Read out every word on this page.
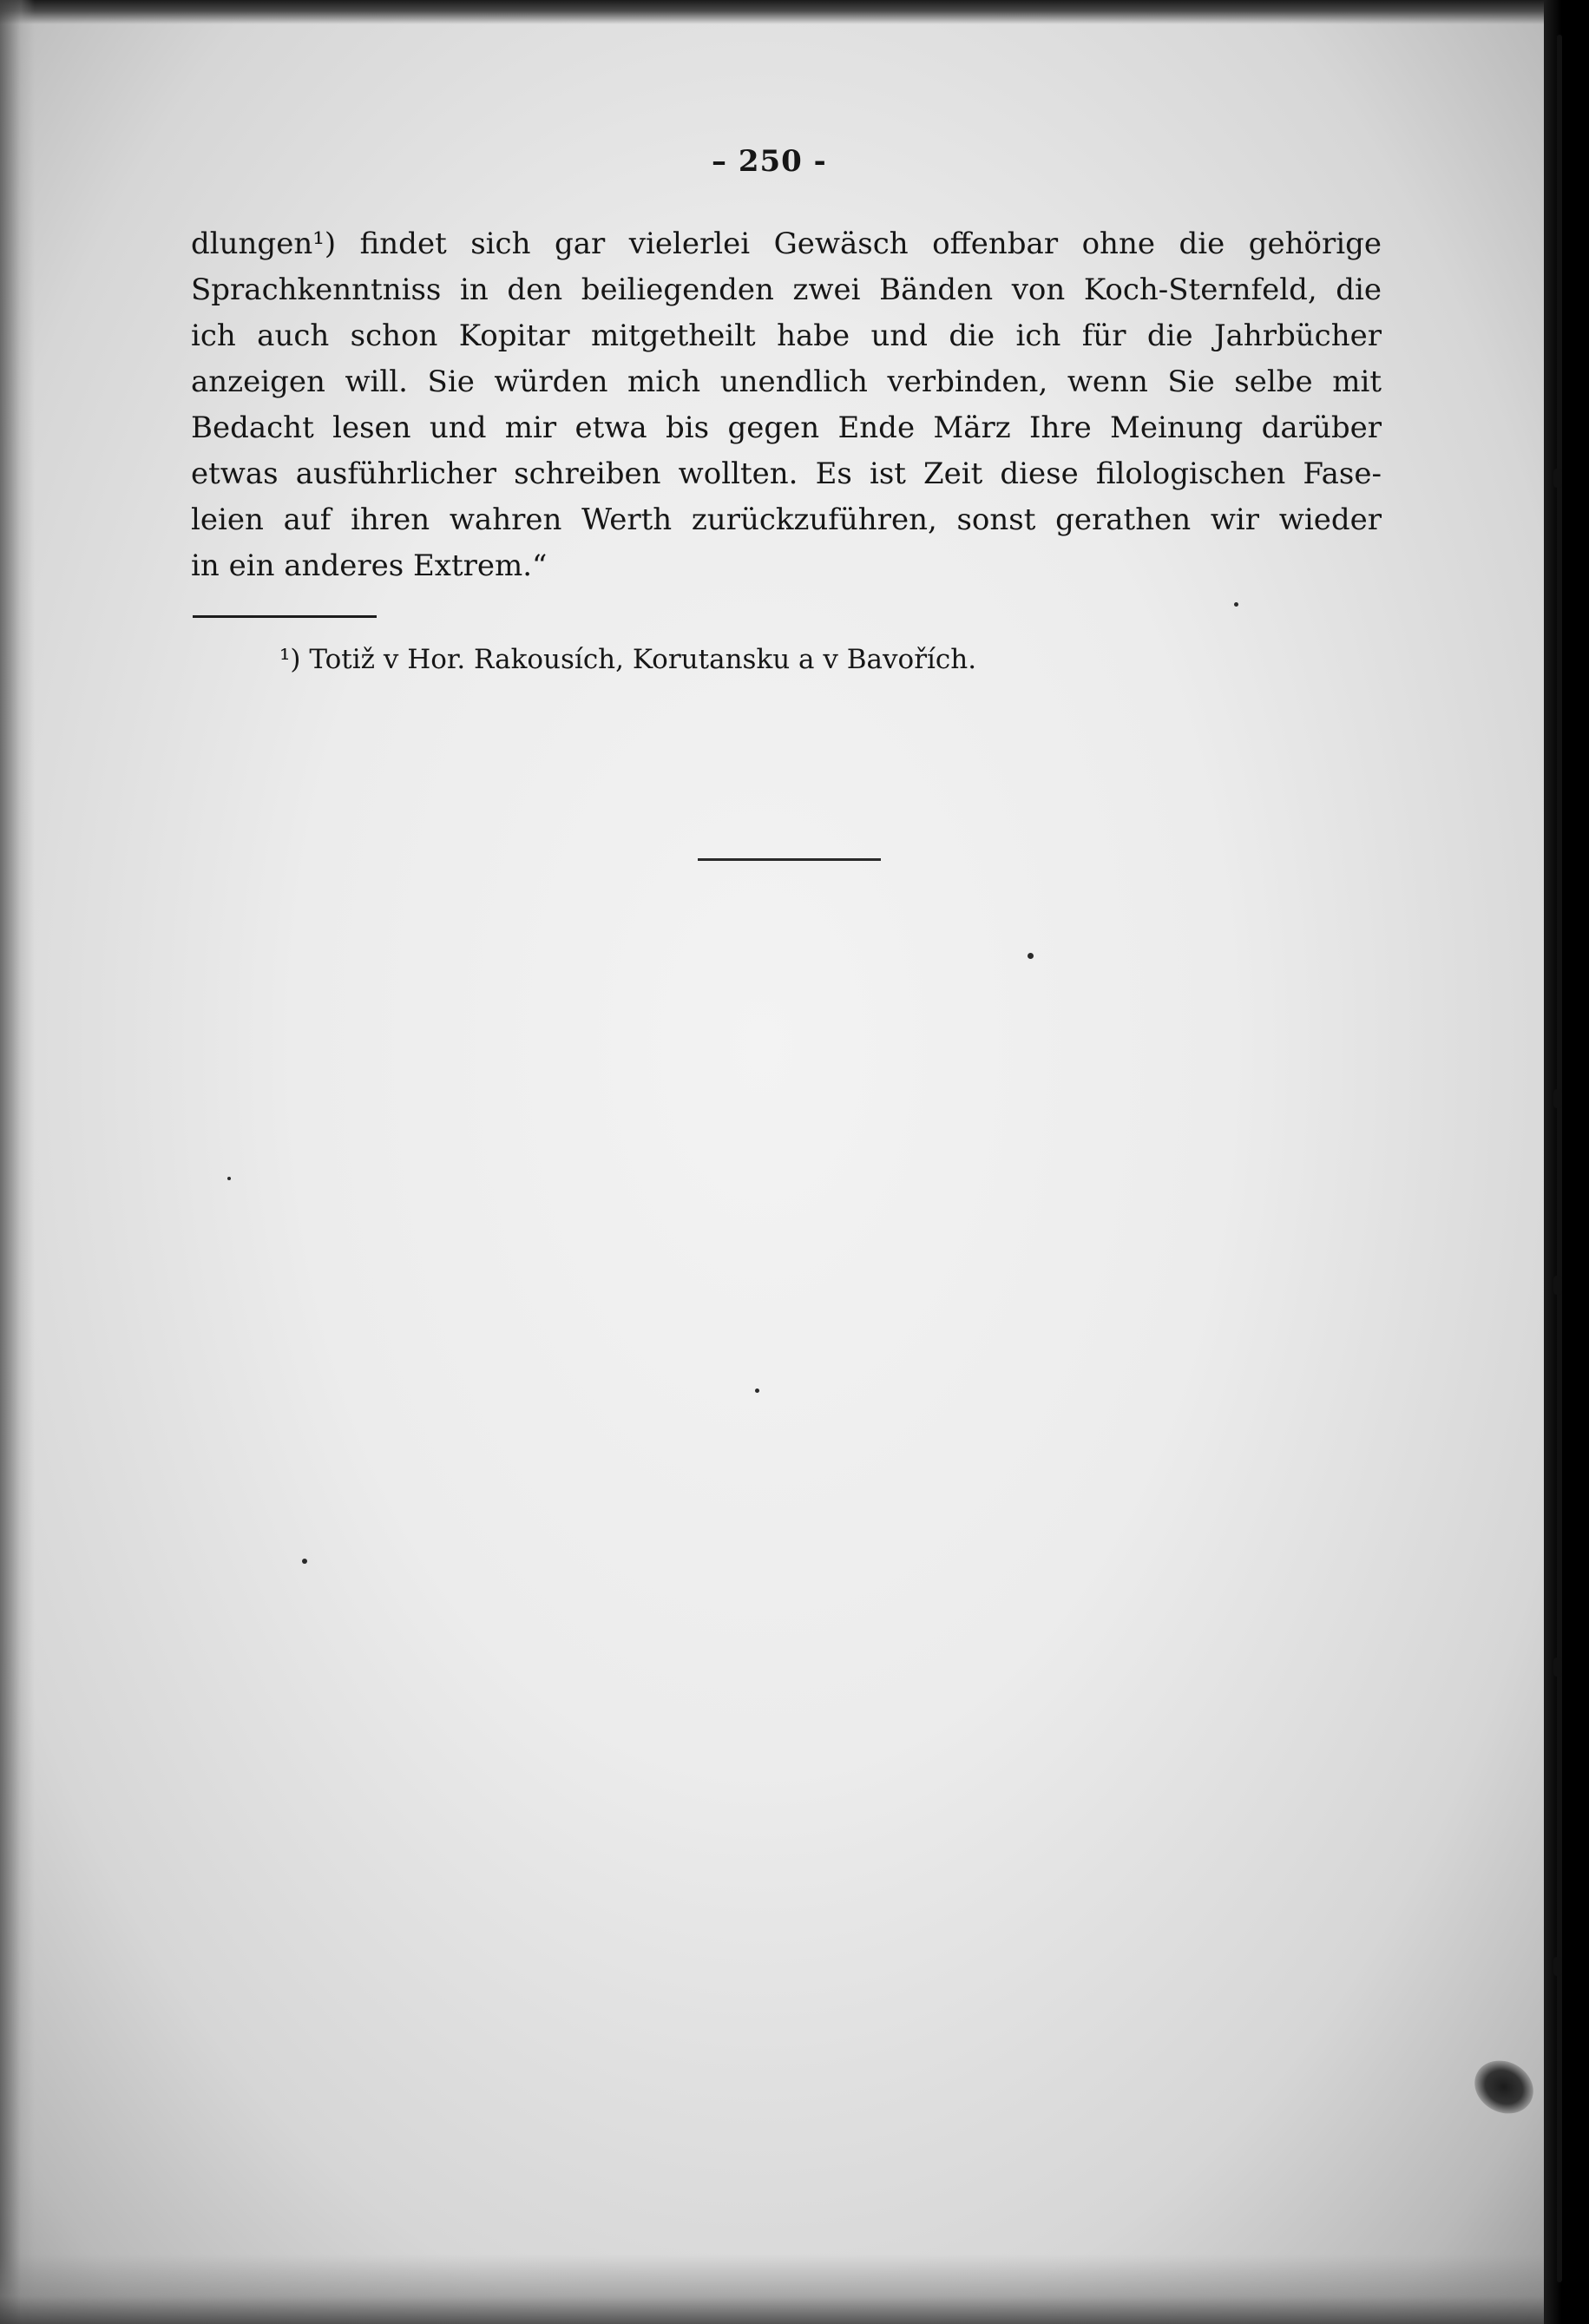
– 250 -
dlungen¹) findet sich gar vielerlei Gewäsch offenbar ohne die gehörige
Sprachkenntniss in den beiliegenden zwei Bänden von Koch-Sternfeld, die
ich auch schon Kopitar mitgetheilt habe und die ich für die Jahrbücher
anzeigen will. Sie würden mich unendlich verbinden, wenn Sie selbe mit
Bedacht lesen und mir etwa bis gegen Ende März Ihre Meinung darüber
etwas ausführlicher schreiben wollten. Es ist Zeit diese filologischen Fase-
leien auf ihren wahren Werth zurückzuführen, sonst gerathen wir wieder
in ein anderes Extrem.“
¹) Totiž v Hor. Rakousích, Korutansku a v Bavořích.
